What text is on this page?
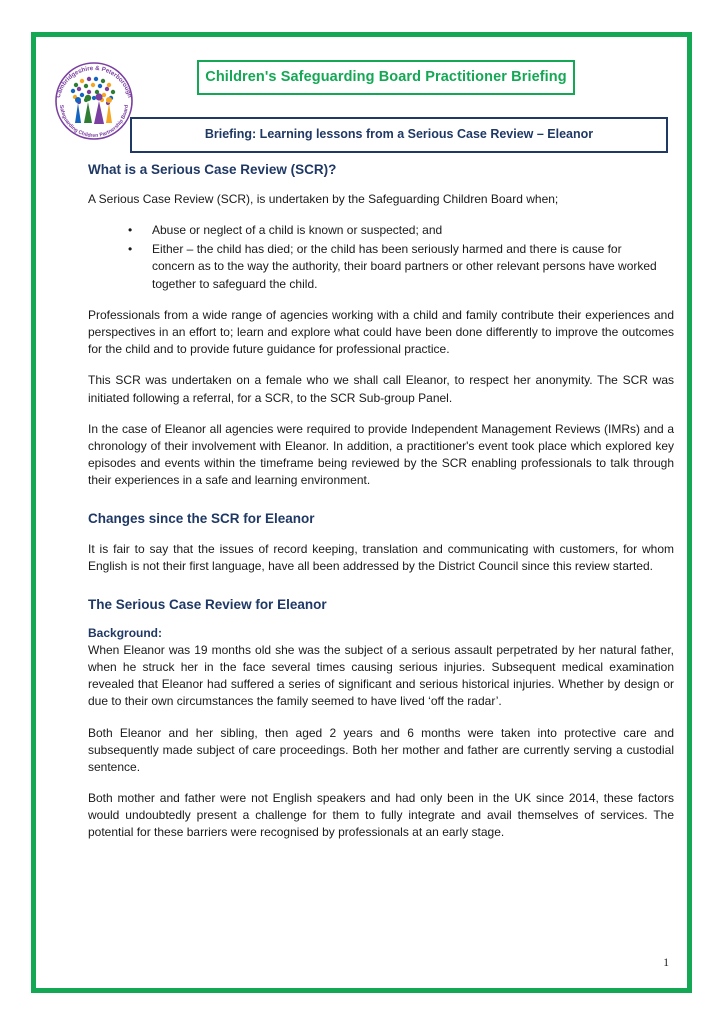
Cambridgeshire & Peterborough
Safeguarding Children Partnership Board
Children's Safeguarding Board Practitioner Briefing
Briefing: Learning lessons from a Serious Case Review – Eleanor
What is a Serious Case Review (SCR)?

A Serious Case Review (SCR), is undertaken by the Safeguarding Children Board when;

• Abuse or neglect of a child is known or suspected; and
• Either – the child has died; or the child has been seriously harmed and there is cause for concern as to the way the authority, their board partners or other relevant persons have worked together to safeguard the child.

Professionals from a wide range of agencies working with a child and family contribute their experiences and perspectives in an effort to; learn and explore what could have been done differently to improve the outcomes for the child and to provide future guidance for professional practice.

This SCR was undertaken on a female who we shall call Eleanor, to respect her anonymity. The SCR was initiated following a referral, for a SCR, to the SCR Sub-group Panel.

In the case of Eleanor all agencies were required to provide Independent Management Reviews (IMRs) and a chronology of their involvement with Eleanor. In addition, a practitioner's event took place which explored key episodes and events within the timeframe being reviewed by the SCR enabling professionals to talk through their experiences in a safe and learning environment.

Changes since the SCR for Eleanor

It is fair to say that the issues of record keeping, translation and communicating with customers, for whom English is not their first language, have all been addressed by the District Council since this review started.

The Serious Case Review for Eleanor
Background:

When Eleanor was 19 months old she was the subject of a serious assault perpetrated by her natural father, when he struck her in the face several times causing serious injuries. Subsequent medical examination revealed that Eleanor had suffered a series of significant and serious historical injuries. Whether by design or due to their own circumstances the family seemed to have lived ‘off the radar’.

Both Eleanor and her sibling, then aged 2 years and 6 months were taken into protective care and subsequently made subject of care proceedings. Both her mother and father are currently serving a custodial sentence.

Both mother and father were not English speakers and had only been in the UK since 2014, these factors would undoubtedly present a challenge for them to fully integrate and avail themselves of services. The potential for these barriers were recognised by professionals at an early stage.

1
